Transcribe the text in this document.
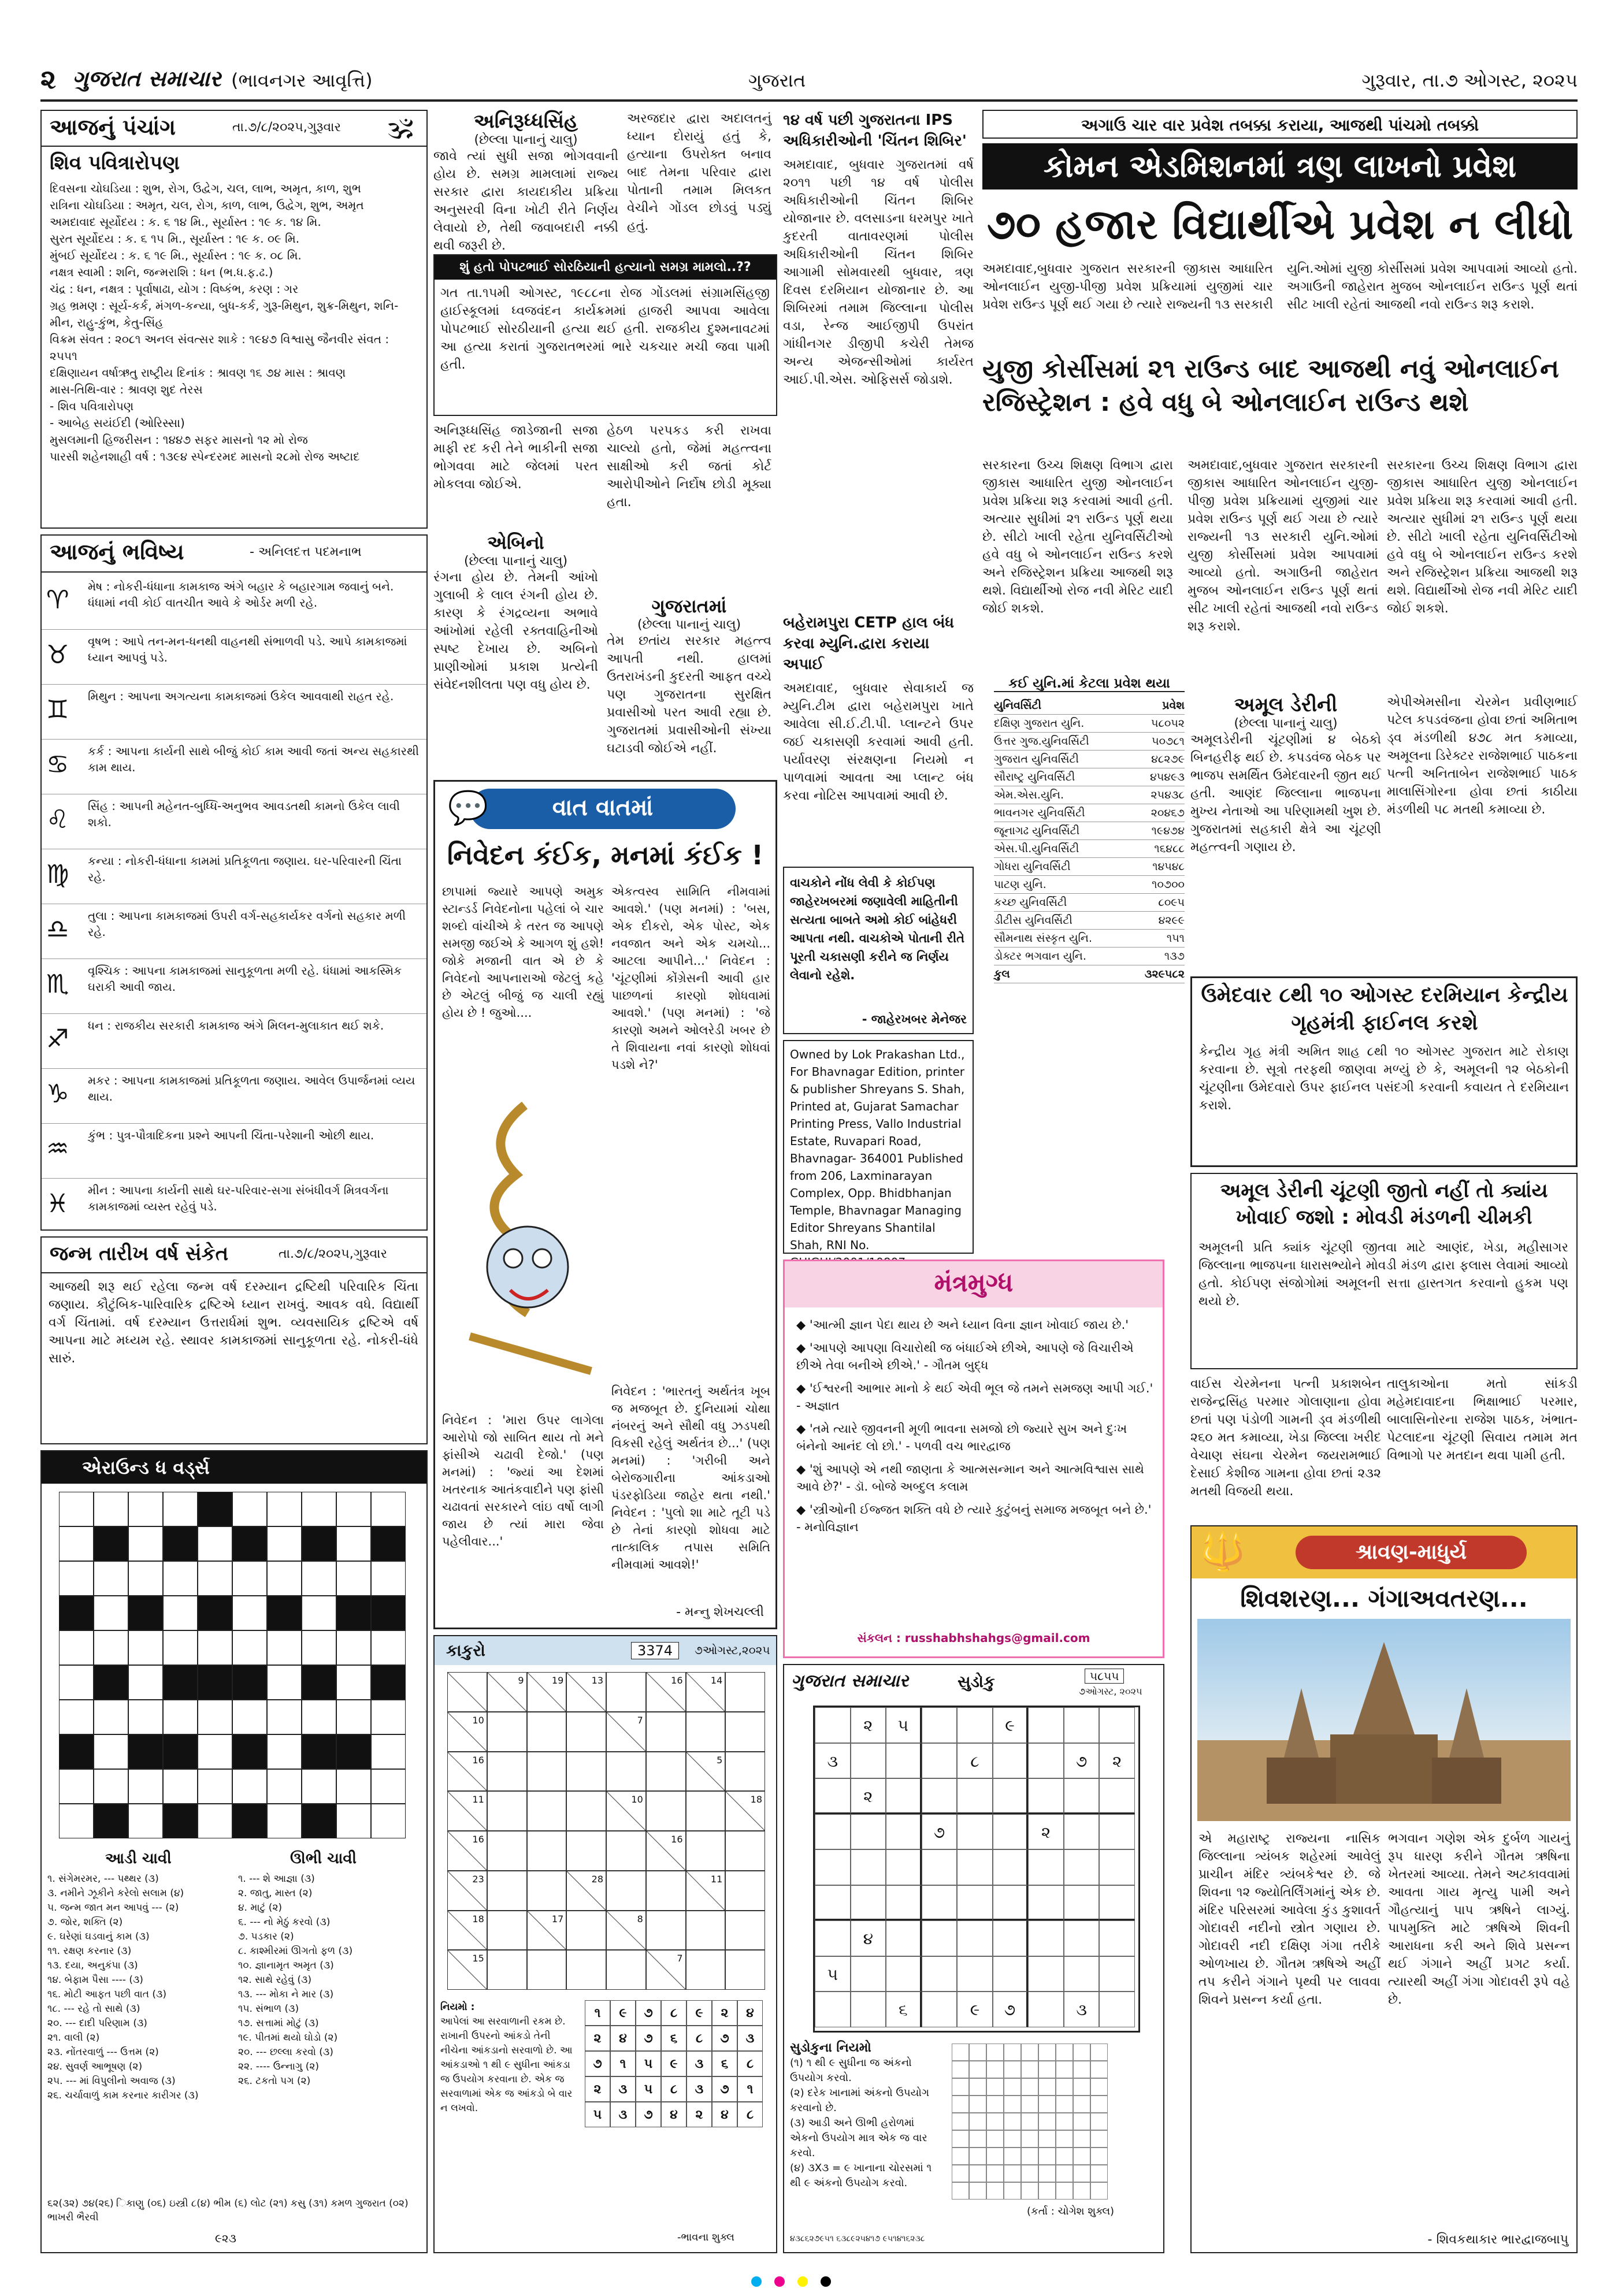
૨ ગુજરાત સમાચાર (ભાવનગર આવૃત્તિ)	ગુજરાત	ગુરૂવાર, તા.૭ ઓગસ્ટ, ૨૦૨૫
આજનું પંચાંગ	તા.૭/૮/૨૦૨૫,ગુરૂવાર 🕉
શિવ પવિત્રારોપણ
દિવસના ચોઘડિયા : શુભ, રોગ, ઉદ્વેગ, ચલ, લાભ, અમૃત, કાળ, શુભ
રાત્રિના ચોઘડિયા : અમૃત, ચલ, રોગ, કાળ, લાભ, ઉદ્વેગ, શુભ, અમૃત
અમદાવાદ સૂર્યોદય : ક. ૬ ૧૪ મિ., સૂર્યાસ્ત : ૧૯ ક. ૧૪ મિ.
સુરત સૂર્યોદય : ક. ૬ ૧૫ મિ., સૂર્યાસ્ત : ૧૯ ક. ૦૯ મિ.
મુંબઈ સૂર્યોદય : ક. ૬ ૧૯ મિ., સૂર્યાસ્ત : ૧૯ ક. ૦૮ મિ.
નક્ષત્ર સ્વામી : શનિ, જન્મરાશિ : ધન (ભ.ધ.ફ.ઢ.)
ચંદ્ર : ધન, નક્ષત્ર : પૂર્વાષાઢા, યોગ : વિષ્કંભ, કરણ : ગર
ગ્રહ ભ્રમણ : સૂર્ય-કર્ક, મંગળ-કન્યા, બુધ-કર્ક, ગુરૂ-મિથુન, શુક્ર-મિથુન, શનિ-મીન, રાહુ-કુંભ, કેતુ-સિંહ
વિક્રમ સંવત : ૨૦૮૧ અનલ સંવત્સર શાકે : ૧૯૪૭ વિશ્વાસુ જૈનવીર સંવત : ૨૫૫૧
દક્ષિણાયન વર્ષાઋતુ રાષ્ટ્રીય દિનાંક : શ્રાવણ ૧૬ ૭૪ માસ : શ્રાવણ
માસ-તિથિ-વાર : શ્રાવણ શુદ તેરસ
- શિવ પવિત્રારોપણ
- આબેહ સયંઈદી (ઓરિસ્સા)
મુસલમાની હિજરીસન : ૧૪૪૭ સફર માસનો ૧૨ મો રોજ
પારસી શહેનશાહી વર્ષ : ૧૩૯૪ સ્પેન્દરમદ માસનો ૨૮મો રોજ અષ્ટાદ
આજનું ભવિષ્ય	- અનિલદત્ત પદમનાભ
♈ મેષ : નોકરી-ધંધાના કામકાજ અંગે બહાર કે બહારગામ જવાનું બને. ધંધામાં નવી કોઈ વાતચીત આવે કે ઓર્ડર મળી રહે.
♉ વૃષભ : આપે તન-મન-ધનથી વાહનથી સંભાળવી પડે. આપે કામકાજમાં ધ્યાન આપવું પડે.
♊ મિથુન : આપના અગત્યના કામકાજમાં ઉકેલ આવવાથી રાહત રહે.
♋ કર્ક : આપના કાર્યની સાથે બીજું કોઈ કામ આવી જતાં અન્ય સહકારથી કામ થાય.
♌ સિંહ : આપની મહેનત-બુધ્ધિ-અનુભવ આવડતથી કામનો ઉકેલ લાવી શકો.
♍ કન્યા : નોકરી-ધંધાના કામમાં પ્રતિકૂળતા જણાય. ઘર-પરિવારની ચિંતા રહે.
♎ તુલા : આપના કામકાજમાં ઉપરી વર્ગ-સહકાર્યકર વર્ગનો સહકાર મળી રહે.
♏ વૃશ્ચિક : આપના કામકાજમાં સાનુકૂળતા મળી રહે. ધંધામાં આકસ્મિક ઘરાકી આવી જાય.
♐ ધન : રાજકીય સરકારી કામકાજ અંગે મિલન-મુલાકાત થઈ શકે.
♑ મકર : આપના કામકાજમાં પ્રતિકૂળતા જણાય. આવેલ ઉપાર્જનમાં વ્યય થાય.
♒ કુંભ : પુત્ર-પૌત્રાદિકના પ્રશ્ને આપની ચિંતા-પરેશાની ઓછી થાય.
♓ મીન : આપના કાર્યની સાથે ઘર-પરિવાર-સગા સંબંધીવર્ગ મિત્રવર્ગના કામકાજમાં વ્યસ્ત રહેવું પડે.
જન્મ તારીખ વર્ષ સંકેત	તા.૭/૮/૨૦૨૫,ગુરૂવાર
આજથી શરૂ થઈ રહેલા જન્મ વર્ષ દરમ્યાન દ્રષ્ટિથી પરિવારિક ચિંતા જણાય. કૌટુંબિક-પારિવારિક દ્રષ્ટિએ ધ્યાન રાખવું. આવક વધે. વિદ્યાર્થી વર્ગ ચિંતામાં. વર્ષ દરમ્યાન ઉત્તરાર્ધમાં શુભ. વ્યવસાયિક દ્રષ્ટિએ વર્ષ આપના માટે મધ્યમ રહે. સ્થાવર કામકાજમાં સાનુકૂળતા રહે. નોકરી-ધંધે સારું.
એરાઉન્ડ ધ વર્ડ્સ
આડી ચાવી	ઊભી ચાવી
૧. સંગેમરમર, --- પથ્થર (૩)
૩. નમીને ઝૂકીને કરેલો સલામ (૪)
૫. જન્મ જાત મન આપવું --- (૨)
૭. જોર, શક્તિ (૨)
૯. ઘરેણાં ઘડવાનું કામ (૩)
૧૧. રક્ષણ કરનાર (૩)
૧૩. દયા, અનુકંપા (૩)
૧૪. બેફામ પૈસા ---- (૩)
૧૬. મોટી આફત પછી વાત (૩)
૧૮. --- રહે તો સાથે (૩)
૨૦. --- દાદી પરિણામ (૩)
૨૧. વાલી (૨)
૨૩. નોંતરવાળું --- ઉત્તમ (૨)
૨૪. સુવર્ણ આભૂષણ (૨)
૨૫. --- માં વિપુલીનો અવાજ (૩)
૨૬. ચર્ચાવાળું કામ કરનાર કારીગર (૩)
૧. --- શે આજ્ઞા (૩)
૨. જાતુ, માસ્ત (૨)
૪. માટું (૨)
૬. --- નો મેઠું કરવો (૩)
૭. પડકાર (૨)
૮. કાશ્મીરમાં ઊગતો ફળ (૩)
૧૦. જ્ઞાનામૃત અમૃત (૩)
૧૨. સાથે રહેવું (૩)
૧૩. --- મોકા ને માર (૩)
૧૫. સંભાળ (૩)
૧૭. સત્તામાં મોટું (૩)
૧૯. પીતમાં થયો ઘોડો (૨)
૨૦. --- છલ્લા કરવો (૩)
૨૨. ---- ઉન્નાગુ (૨)
૨૬. ટકતો પગ (૨)
૬૨(૩૨) ૭૪(૨૬) િકાણુ (૦૬) ઇસ્ત્રી ૮(૪) ભીમ (૬) લોટ (૨૧) કસુ (૩૧) કમળ ગુજરાત (૦૨) ભાખરી ભૈરવી
૯૨૩
અનિરૂધ્ધસિંહ
(છેલ્લા પાનાનું ચાલુ)
જાવે ત્યાં સુધી સજા ભોગવવાની હોય છે. સમગ્ર મામલામાં રાજ્ય સરકાર દ્વારા કાયદાકીય પ્રક્રિયા અનુસરવી વિના ખોટી રીતે નિર્ણય લેવાયો છે, તેથી જવાબદારી નક્કી થવી જરૂરી છે.
અરજદાર દ્વારા અદાલતનું ધ્યાન દોરાયું હતું કે, હત્યાના ઉપરોક્ત બનાવ બાદ તેમના પરિવાર દ્વારા પોતાની તમામ મિલકત વેચીને ગોંડલ છોડવું પડ્યું હતું.
શું હતો પોપટભાઈ સોરઠિયાની હત્યાનો સમગ્ર મામલો..??
ગત તા.૧૫મી ઓગસ્ટ, ૧૯૮૮ના રોજ ગોંડલમાં સંગ્રામસિંહજી હાઈસ્કૂલમાં ધ્વજવંદન કાર્યક્રમમાં હાજરી આપવા આવેલા પોપટભાઈ સોરઠીયાની હત્યા થઈ હતી. રાજકીય દુશ્મનાવટમાં આ હત્યા કરાતાં ગુજરાતભરમાં ભારે ચકચાર મચી જવા પામી હતી.
અનિરૂધ્ધસિંહ જાડેજાની સજા માફી રદ કરી તેને ભાકીની સજા ભોગવવા માટે જેલમાં પરત મોકલવા જોઈએ.
હેઠળ પરપકડ કરી રાખવા ચાલ્યો હતો, જેમાં મહત્ત્વના સાક્ષીઓ કરી જતાં કોર્ટ આરોપીઓને નિર્દોષ છોડી મૂક્યા હતા.
એબિનો
(છેલ્લા પાનાનું ચાલુ)
રંગના હોય છે. તેમની આંખો ગુલાબી કે લાલ રંગની હોય છે. કારણ કે રંગદ્રવ્યના અભાવે આંખોમાં રહેલી રક્તવાહિનીઓ સ્પષ્ટ દેખાય છે. અબિનો પ્રાણીઓમાં પ્રકાશ પ્રત્યેની સંવેદનશીલતા પણ વધુ હોય છે.
ગુજરાતમાં
(છેલ્લા પાનાનું ચાલુ)
તેમ છતાંય સરકાર મહત્ત્વ આપતી નથી. હાલમાં ઉતરાખંડની કુદરતી આફત વચ્ચે પણ ગુજરાતના સુરક્ષિત પ્રવાસીઓ પરત આવી રહ્યા છે. ગુજરાતમાં પ્રવાસીઓની સંખ્યા ઘટાડવી જોઈએ નહીં.
💬	વાત વાતમાં
નિવેદન કંઈક, મનમાં કંઈક !
છાપામાં જ્યારે આપણે અમુક સ્ટાન્ડર્ડ નિવેદનોના પહેલાં બે ચાર શબ્દો વાંચીએ કે તરત જ આપણે સમજી જઈએ કે આગળ શું હશે! જોકે મજાની વાત એ છે કે નિવેદનો આપનારાઓ જેટલું કહે છે એટલું બીજું જ ચાલી રહ્યું હોય છે ! જુઓ....
એકત્વસ્વ સામિતિ નીમવામાં આવશે.' (પણ મનમાં) : 'બસ, એક દીકરો, એક પોસ્ટ, એક નવજાત અને એક ચમચો... આટલા આપીને...' નિવેદન : 'ચૂંટણીમાં કોંગ્રેસની આવી હાર પાછળનાં કારણો શોધવામાં આવશે.' (પણ મનમાં) : 'જે કારણો અમને ઓલરેડી ખબર છે તે શિવાયના નવાં કારણો શોધવાં પડશે ને?'
નિવેદન : 'મારા ઉપર લાગેલા આરોપો જો સાબિત થાય તો મને ફાંસીએ ચઢાવી દેજો.' (પણ મનમાં) : 'જ્યાં આ દેશમાં ખતરનાક આતંકવાદીને પણ ફાંસી ચઢાવતાં સરકારને લાંઇ વર્ષો લાગી જાય છે ત્યાં મારા જેવા પહેલીવાર...'
નિવેદન : 'ભારતનું અર્થતંત્ર ખૂબ જ મજબૂત છે. દુનિયામાં ચોથા નંબરનું અને સૌથી વધુ ઝડપથી વિકસી રહેલું અર્થતંત્ર છે...' (પણ મનમાં) : 'ગરીબી અને બેરોજગારીના આંકડાઓ પંડરફોડિયા જાહેર થતા નથી.' નિવેદન : 'પુલો શા માટે તૂટી પડે છે તેનાં કારણો શોધવા માટે તાત્કાલિક તપાસ સમિતિ નીમવામાં આવશે!'
- મન્નુ શેખચલ્લી
કાકુરો	3374	૭ઓગસ્ટ,૨૦૨૫
9	19	13	16	14
10	7
16	5
11	10	18
16	16
23	28	11
18	17	8
15	7
નિયમો :
આપેલાં આ સરવાળાની રકમ છે. રાખાની ઉપરનો આંકડો તેની નીચેના આંકડાનો સરવાળો છે. આ આંકડાઓ ૧ થી ૯ સુધીના આંકડા જ ઉપયોગ કરવાના છે. એક જ સરવાળામાં એક જ આંકડો બે વાર ન લખવો.
૧	૯	૭	૮	૯	૨	૪
૨	૪	૭	૬	૮	૭	૩
૭	૧	૫	૯	૩	૬	૮
૨	૩	૫	૮	૩	૭	૧
૫	૩	૭	૪	૨	૪	૮
-ભાવના શુક્લ
૧૪ વર્ષ પછી ગુજરાતના IPS અધિકારીઓની 'ચિંતન શિબિર'
અમદાવાદ, બુધવાર ગુજરાતમાં વર્ષ ૨૦૧૧ પછી ૧૪ વર્ષ પોલીસ અધિકારીઓની ચિંતન શિબિર યોજાનાર છે. વલસાડના ધરમપુર ખાતે કુદરતી વાતાવરણમાં પોલીસ અધિકારીઓની ચિંતન શિબિર આગામી સોમવારથી બુધવાર, ત્રણ દિવસ દરમિયાન યોજાનાર છે. આ શિબિરમાં તમામ જિલ્લાના પોલીસ વડા, રેન્જ આઈજીપી ઉપરાંત ગાંધીનગર ડીજીપી કચેરી તેમજ અન્ય એજન્સીઓમાં કાર્યરત આઈ.પી.એસ. ઓફિસર્સ જોડાશે.
બહેરામપુરા CETP હાલ બંધ કરવા મ્યુનિ.દ્વારા કરાયા અપાઈ
અમદાવાદ, બુધવાર સેવાકાર્ય જ મ્યુનિ.ટીમ દ્વારા બહેરામપુરા ખાતે આવેલા સી.ઈ.ટી.પી. પ્લાન્ટને ઉપર જઈ ચકાસણી કરવામાં આવી હતી. પર્યાવરણ સંરક્ષણના નિયમો ન પાળવામાં આવતા આ પ્લાન્ટ બંધ કરવા નોટિસ આપવામાં આવી છે.
વાચકોને નોંધ લેવી કે કોઈપણ જાહેરખબરમાં જણાવેલી માહિતીની સત્યતા બાબતે અમો કોઈ બાંહેધરી આપતા નથી. વાચકોએ પોતાની રીતે પૂરતી ચકાસણી કરીને જ નિર્ણય લેવાનો રહેશે.
- જાહેરખબર મેનેજર
Owned by Lok Prakashan Ltd., For Bhavnagar Edition, printer & publisher Shreyans S. Shah, Printed at, Gujarat Samachar Printing Press, Vallo Industrial Estate, Ruvapari Road, Bhavnagar- 364001 Published from 206, Laxminarayan Complex, Opp. Bhidbhanjan Temple, Bhavnagar Managing Editor Shreyans Shantilal Shah, RNI No.
મંત્રમુગ્ધ
◆ 'આત્મી જ્ઞાન પેદા થાય છે અને ધ્યાન વિના જ્ઞાન ખોવાઈ જાય છે.'
◆ 'આપણે આપણા વિચારોથી જ બંધાઈએ છીએ, આપણે જે વિચારીએ છીએ તેવા બનીએ છીએ.' - ગૌતમ બુદ્ધ
◆ 'ઈશ્વરની આભાર માનો કે થઈ એવી ભૂલ જે તમને સમજણ આપી ગઈ.' - અજ્ઞાત
◆ 'તમે ત્યારે જીવનની મૂળી ભાવના સમજો છો જ્યારે સુખ અને દુઃખ બંનેનો આનંદ લો છો.' - પળવી વચ ભારદ્વાજ
◆ 'શું આપણે એ નથી જાણતા કે આત્મસન્માન અને આત્મવિશ્વાસ સાથે આવે છે?' - ડૉ. બોજે અબ્દુલ કલામ
◆ 'સ્ત્રીઓની ઈજ્જત શક્તિ વધે છે ત્યારે કુટુંબનું સમાજ મજબૂત બને છે.' - મનોવિજ્ઞાન
સંકલન : russhabhshahgs@gmail.com
ગુજરાત સમાચાર	સુડોકુ	૫૮૫૫
૭ઓગસ્ટ, ૨૦૨૫
૨	૫	૯
૩	૮	૭	૨
૨
૭	૨
૪
૫
૬	૯	૭	૩
સુડોકુના નિયમો
(૧) ૧ થી ૯ સુધીના જ અંકનો ઉપયોગ કરવો.
(૨) દરેક ખાનામાં અંકનો ઉપયોગ કરવાનો છે.
(૩) આડી અને ઊભી હરોળમાં એકનો ઉપયોગ માત્ર એક જ વાર કરવો.
(૪) ૩X૩ = ૯ ખાનાના ચોરસમાં ૧ થી ૯ અંકનો ઉપયોગ કરવો.
૪૩૮૬૨૭૯૫૧ ૬૩૮૯૨૫૪૧૭ ૯૫૧૪૧૬૨૩૮
(કર્તા : ચોગેશ શુક્લ)
અગાઉ ચાર વાર પ્રવેશ તબક્કા કરાયા, આજથી પાંચમો તબક્કો
કોમન એડમિશનમાં ત્રણ લાખનો પ્રવેશ
૭૦ હજાર વિદ્યાર્થીએ પ્રવેશ ન લીધો
અમદાવાદ,બુધવાર ગુજરાત સરકારની જીકાસ આધારિત ઓનલાઈન યુજી-પીજી પ્રવેશ પ્રક્રિયામાં યુજીમાં ચાર પ્રવેશ રાઉન્ડ પૂર્ણ થઈ ગયા છે ત્યારે રાજ્યની ૧૩ સરકારી યુનિ.ઓમાં યુજી કોર્સીસમાં પ્રવેશ આપવામાં આવ્યો હતો. અગાઉની જાહેરાત મુજબ ઓનલાઈન રાઉન્ડ પૂર્ણ થતાં સીટ ખાલી રહેતાં આજથી નવો રાઉન્ડ શરૂ કરાશે.
યુજી કોર્સીસમાં ૨૧ રાઉન્ડ બાદ આજથી નવું ઓનલાઈન રજિસ્ટ્રેશન : હવે વધુ બે ઓનલાઈન રાઉન્ડ થશે
સરકારના ઉચ્ચ શિક્ષણ વિભાગ દ્વારા જીકાસ આધારિત યુજી ઓનલાઈન પ્રવેશ પ્રક્રિયા શરૂ કરવામાં આવી હતી. અત્યાર સુધીમાં ૨૧ રાઉન્ડ પૂર્ણ થયા છે. સીટો ખાલી રહેતા યુનિવર્સિટીઓ હવે વધુ બે ઓનલાઈન રાઉન્ડ કરશે અને રજિસ્ટ્રેશન પ્રક્રિયા આજથી શરૂ થશે. વિદ્યાર્થીઓ રોજ નવી મેરિટ યાદી જોઈ શકશે.
કઈ યુનિ.માં કેટલા પ્રવેશ થયા
યુનિવર્સિટી	પ્રવેશ
દક્ષિણ ગુજરાત યુનિ.	૫૮૦૫૨
ઉત્તર ગુજ.યુનિવર્સિટી	૫૦૭૮૧
ગુજરાત યુનિવર્સિટી	૪૮૨૭૯
સૌરાષ્ટ્ર યુનિવર્સિટી	૪૫૪૯૩
એમ.એસ.યુનિ.	૨૫૪૩૮
ભાવનગર યુનિવર્સિટી	૨૦૪૬૭
જૂનાગઢ યુનિવર્સિટી	૧૯૪૭૪
એસ.પી.યુનિવર્સિટી	૧૬૪૮૮
ગોધરા યુનિવર્સિટી	૧૪૫૪૮
પાટણ યુનિ.	૧૦૭૦૦
કચ્છ યુનિવર્સિટી	૮૦૯૫
ડીટીસ યુનિવર્સિટી	૪૨૯૯
સૌમનાથ સંસ્કૃત યુનિ.	૧૫૧
ડોક્ટર ભગવાન યુનિ.	૧૩૭
કુલ	૩૨૯૫૮૨
અમદાવાદ,બુધવાર ગુજરાત સરકારની જીકાસ આધારિત ઓનલાઈન યુજી-પીજી પ્રવેશ પ્રક્રિયામાં યુજીમાં ચાર પ્રવેશ રાઉન્ડ પૂર્ણ થઈ ગયા છે ત્યારે રાજ્યની ૧૩ સરકારી યુનિ.ઓમાં યુજી કોર્સીસમાં પ્રવેશ આપવામાં આવ્યો હતો. અગાઉની જાહેરાત મુજબ ઓનલાઈન રાઉન્ડ પૂર્ણ થતાં સીટ ખાલી રહેતાં આજથી નવો રાઉન્ડ શરૂ કરાશે.
સરકારના ઉચ્ચ શિક્ષણ વિભાગ દ્વારા જીકાસ આધારિત યુજી ઓનલાઈન પ્રવેશ પ્રક્રિયા શરૂ કરવામાં આવી હતી. અત્યાર સુધીમાં ૨૧ રાઉન્ડ પૂર્ણ થયા છે. સીટો ખાલી રહેતા યુનિવર્સિટીઓ હવે વધુ બે ઓનલાઈન રાઉન્ડ કરશે અને રજિસ્ટ્રેશન પ્રક્રિયા આજથી શરૂ થશે. વિદ્યાર્થીઓ રોજ નવી મેરિટ યાદી જોઈ શકશે.
અમૂલ ડેરીની
(છેલ્લા પાનાનું ચાલુ)
અમૂલડેરીની ચૂંટણીમાં ૪ બેઠકો બિનહરીફ થઈ છે. કપડવંજ બેઠક પર ભાજપ સમર્થિત ઉમેદવારની જીત થઈ હતી. આણંદ જિલ્લાના ભાજપના મુખ્ય નેતાઓ આ પરિણામથી ખુશ છે. ગુજરાતમાં સહકારી ક્ષેત્રે આ ચૂંટણી મહત્ત્વની ગણાય છે.
એપીએમસીના ચેરમેન પ્રવીણભાઈ પટેલ કપડવંજના હોવા છતાં અમિતાભ ડ્વ મંડળીથી ૪૭૮ મત કમાવ્યા, અમૂલના ડિરેક્ટર રાજેશભાઈ પાઠકના પત્ની અનિતાબેન રાજેશભાઈ પાઠક માલાસિંગોરના હોવા છતાં કાઠીયા મંડળીથી ૫૮ મતથી કમાવ્યા છે.
ઉમેદવાર ૮થી ૧૦ ઓગસ્ટ દરમિયાન કેન્દ્રીય ગૃહમંત્રી ફાઈનલ કરશે
કેન્દ્રીય ગૃહ મંત્રી અમિત શાહ ૮થી ૧૦ ઓગસ્ટ ગુજરાત માટે રોકાણ કરવાના છે. સૂત્રો તરફથી જાણવા મળ્યું છે કે, અમૂલની ૧૨ બેઠકોની ચૂંટણીના ઉમેદવારો ઉપર ફાઈનલ પસંદગી કરવાની કવાયત તે દરમિયાન કરાશે.
અમૂલ ડેરીની ચૂંટણી જીતો નહીં તો ક્યાંય ખોવાઈ જશો : મોવડી મંડળની ચીમકી
અમૂલની પ્રતિ ક્યાંક ચૂંટણી જીતવા માટે આણંદ, ખેડા, મહીસાગર જિલ્લાના ભાજપના ધારાસભ્યોને મોવડી મંડળ દ્વારા ફલાસ લેવામાં આવ્યો હતો. કોઈપણ સંજોગોમાં અમૂલની સત્તા હાસ્તગત કરવાનો હુકમ પણ થયો છે.
વાઈસ ચેરમેનના પત્ની પ્રકાશબેન રાજેન્દ્રસિંહ પરમાર ગોલાણાના હોવા છતાં પણ પંડોળી ગામની ડ્વ મંડળીથી ૨૬૦ મત કમાવ્યા, ખેડા જિલ્લા ખરીદ વેચાણ સંઘના ચેરમેન જયરામભાઈ દેસાઈ કેશીજ ગામના હોવા છતાં ૨૩૨ મતથી વિજયી થયા.
તાલુકાઓના મતો સાંકડી મહેમદાવાદના ભિક્ષાભાઈ પરમાર, બાલાસિનોરના રાજેશ પાઠક, ખંભાત-પેટલાદના ચૂંટણી સિવાય તમામ મત વિભાગો પર મતદાન થવા પામી હતી.
🔱	શ્રાવણ-માધુર્ય
શિવશરણ... ગંગાઅવતરણ...
એ મહારાષ્ટ્ર રાજ્યના નાસિક જિલ્લાના ત્ર્યંબક શહેરમાં આવેલું પ્રાચીન મંદિર ત્ર્યંબકેશ્વર છે. જે શિવના ૧૨ જ્યોતિર્લિંગમાંનું એક છે. મંદિર પરિસરમાં આવેલા કુંડ કુશાવર્ત ગોદાવરી નદીનો સ્ત્રોત ગણાય છે. ગોદાવરી નદી દક્ષિણ ગંગા તરીકે ઓળખાય છે. ગૌતમ ઋષિએ અહીં તપ કરીને ગંગાને પૃથ્વી પર લાવવા શિવને પ્રસન્ન કર્યા હતા.
ભગવાન ગણેશ એક દુર્બળ ગાયનું રૂપ ધારણ કરીને ગૌતમ ઋષિના ખેતરમાં આવ્યા. તેમને અટકાવવામાં આવતા ગાય મૃત્યુ પામી અને ગૌહત્યાનું પાપ ઋષિને લાગ્યું. પાપમુક્તિ માટે ઋષિએ શિવની આરાધના કરી અને શિવે પ્રસન્ન થઈ ગંગાને અહીં પ્રગટ કર્યા. ત્યારથી અહીં ગંગા ગોદાવરી રૂપે વહે છે.
- શિવકથાકાર ભારદ્વાજબાપુ
